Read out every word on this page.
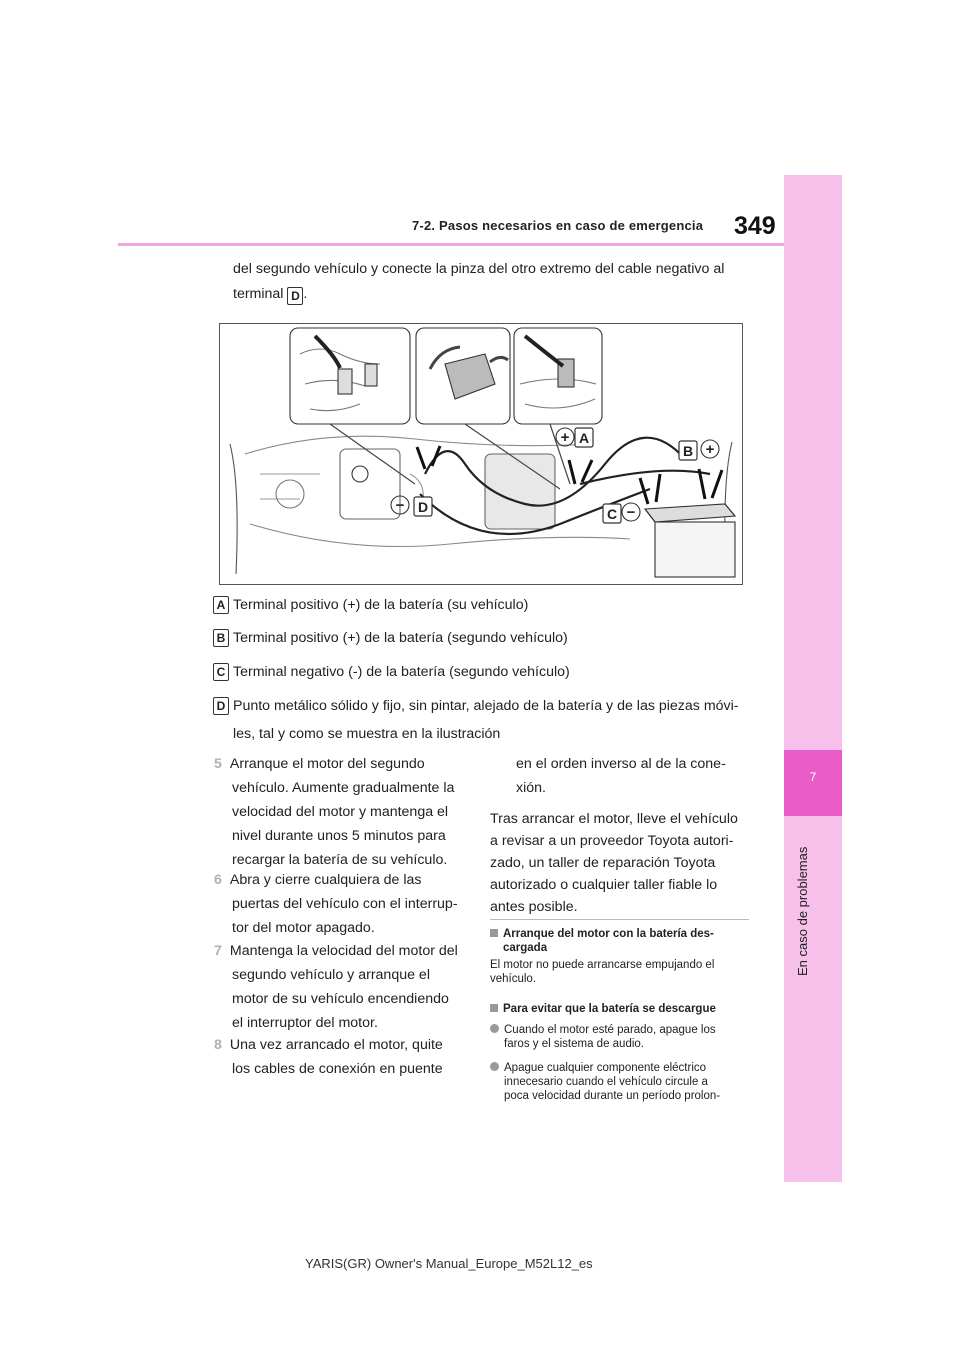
7-2. Pasos necesarios en caso de emergencia 349
7
En caso de problemas
del segundo vehículo y conecte la pinza del otro extremo del cable negativo al
terminal D .
+
+
−
−
A
B
C
D
A Terminal positivo (+) de la batería (su vehículo)
B Terminal positivo (+) de la batería (segundo vehículo)
C Terminal negativo (-) de la batería (segundo vehículo)
D Punto metálico sólido y fijo, sin pintar, alejado de la batería y de las piezas móvi-
les, tal y como se muestra en la ilustración
5 Arranque el motor del segundo
vehículo. Aumente gradualmente la
velocidad del motor y mantenga el
nivel durante unos 5 minutos para
recargar la batería de su vehículo.
6 Abra y cierre cualquiera de las
puertas del vehículo con el interrup-
tor del motor apagado.
7 Mantenga la velocidad del motor del
segundo vehículo y arranque el
motor de su vehículo encendiendo
el interruptor del motor.
8 Una vez arrancado el motor, quite
los cables de conexión en puente
en el orden inverso al de la cone-
xión.
Tras arrancar el motor, lleve el vehículo
a revisar a un proveedor Toyota autori-
zado, un taller de reparación Toyota
autorizado o cualquier taller fiable lo
antes posible.
Arranque del motor con la batería des-
cargada
El motor no puede arrancarse empujando el
vehículo.
Para evitar que la batería se descargue
Cuando el motor esté parado, apague los
faros y el sistema de audio.
Apague cualquier componente eléctrico
innecesario cuando el vehículo circule a
poca velocidad durante un período prolon-
YARIS(GR) Owner's Manual_Europe_M52L12_es
